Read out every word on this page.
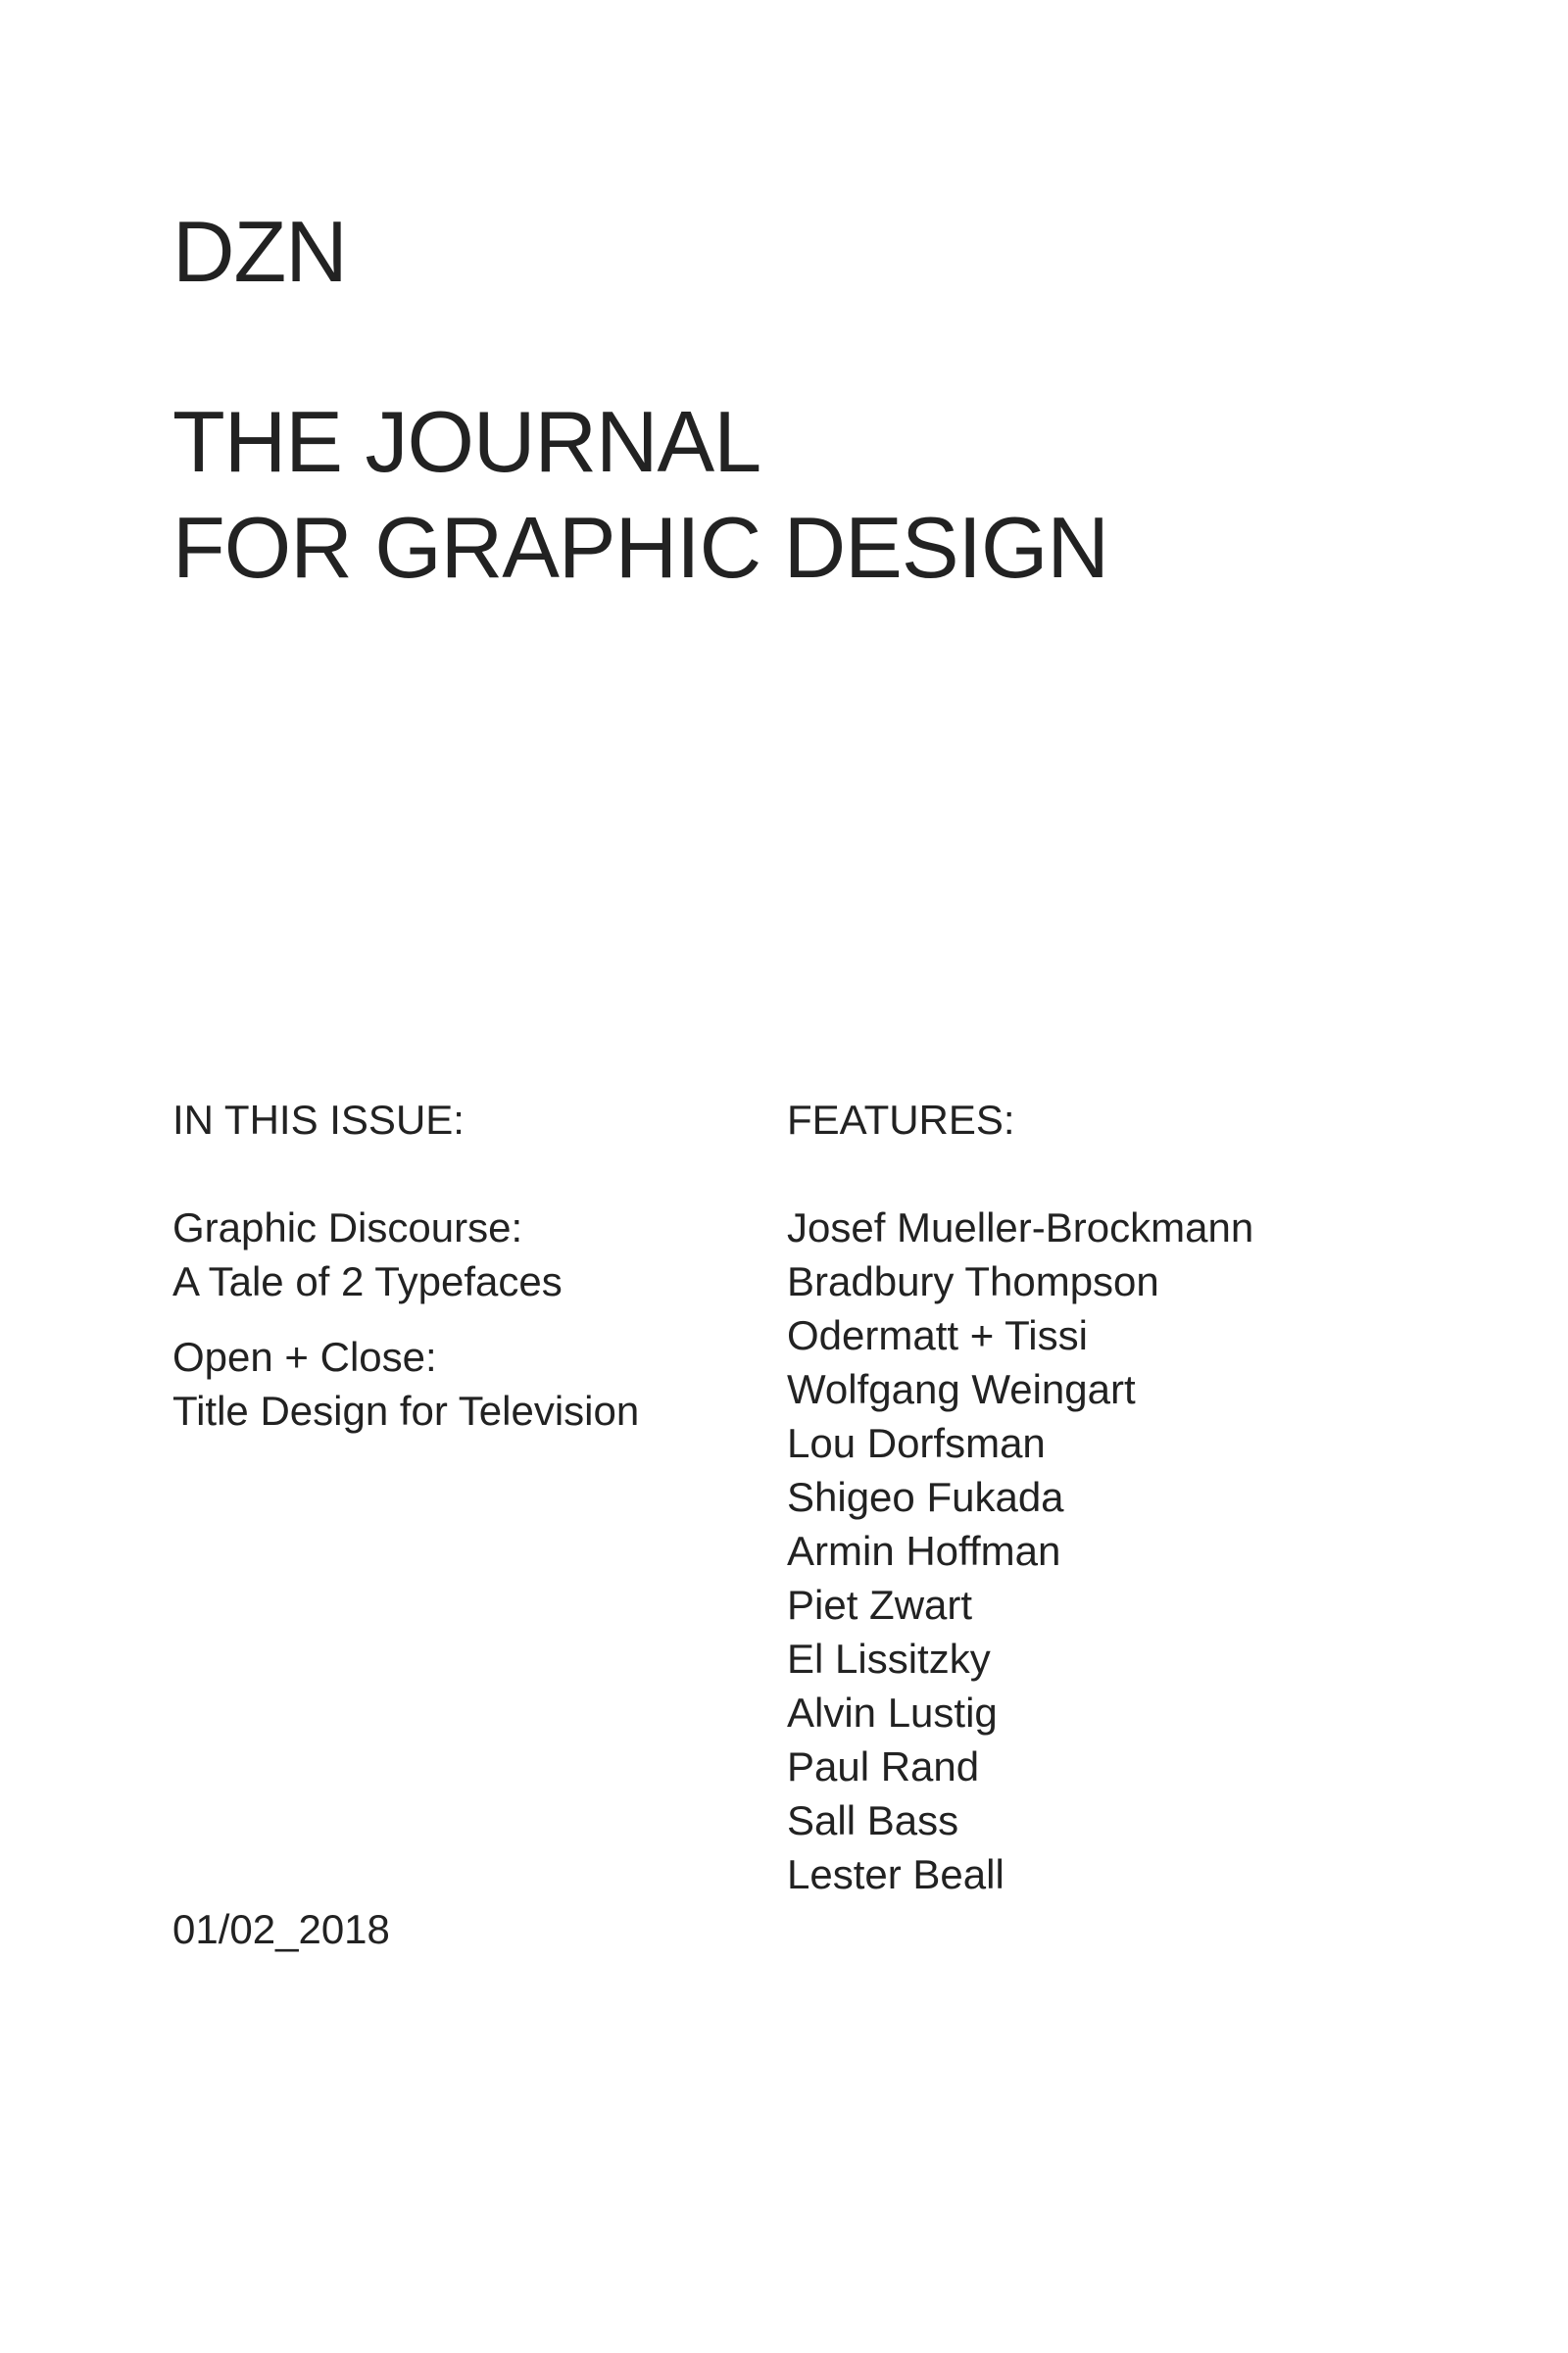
DZN
THE JOURNAL
FOR GRAPHIC DESIGN
IN THIS ISSUE:
Graphic Discourse:
A Tale of 2 Typefaces
Open + Close:
Title Design for Television
FEATURES:
Josef Mueller-Brockmann
Bradbury Thompson
Odermatt + Tissi
Wolfgang Weingart
Lou Dorfsman
Shigeo Fukada
Armin Hoffman
Piet Zwart
El Lissitzky
Alvin Lustig
Paul Rand
Sall Bass
Lester Beall
01/02_2018
